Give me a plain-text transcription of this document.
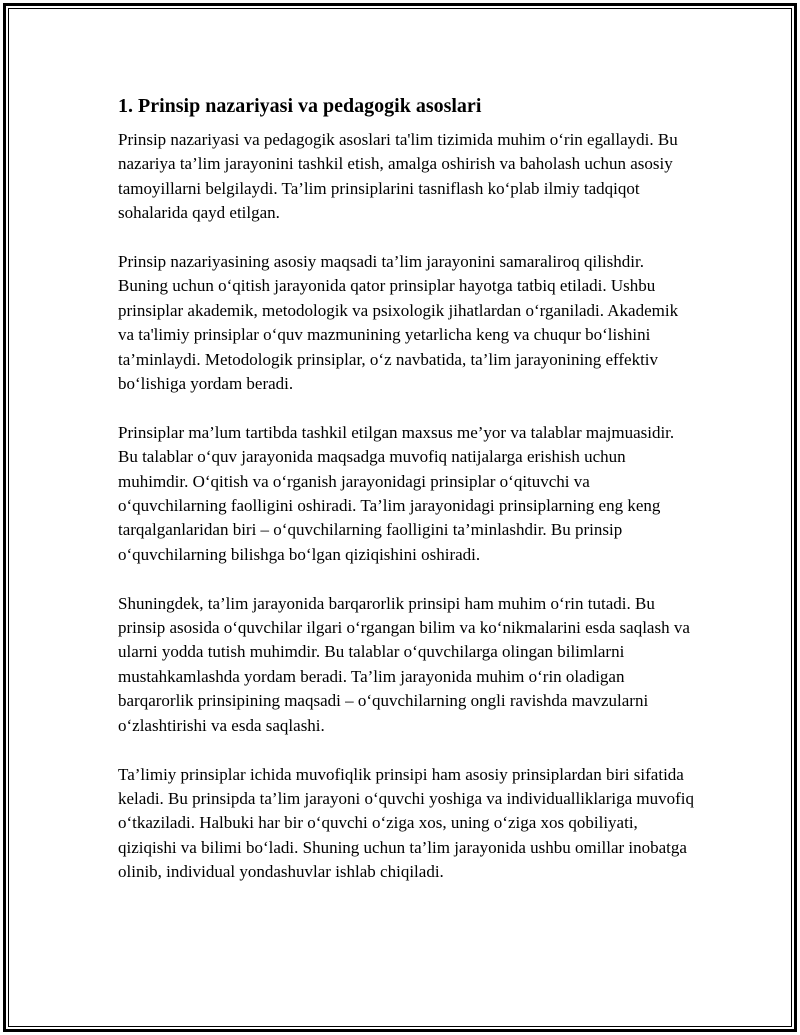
1. Prinsip nazariyasi va pedagogik asoslari

Prinsip nazariyasi va pedagogik asoslari ta'lim tizimida muhim o‘rin egallaydi. Bu nazariya ta’lim jarayonini tashkil etish, amalga oshirish va baholash uchun asosiy tamoyillarni belgilaydi. Ta’lim prinsiplarini tasniflash ko‘plab ilmiy tadqiqot sohalarida qayd etilgan.

Prinsip nazariyasining asosiy maqsadi ta’lim jarayonini samaraliroq qilishdir. Buning uchun o‘qitish jarayonida qator prinsiplar hayotga tatbiq etiladi. Ushbu prinsiplar akademik, metodologik va psixologik jihatlardan o‘rganiladi. Akademik va ta'limiy prinsiplar o‘quv mazmunining yetarlicha keng va chuqur bo‘lishini ta’minlaydi. Metodologik prinsiplar, o‘z navbatida, ta’lim jarayonining effektiv bo‘lishiga yordam beradi.

Prinsiplar ma’lum tartibda tashkil etilgan maxsus me’yor va talablar majmuasidir. Bu talablar o‘quv jarayonida maqsadga muvofiq natijalarga erishish uchun muhimdir. O‘qitish va o‘rganish jarayonidagi prinsiplar o‘qituvchi va o‘quvchilarning faolligini oshiradi. Ta’lim jarayonidagi prinsiplarning eng keng tarqalganlaridan biri – o‘quvchilarning faolligini ta’minlashdir. Bu prinsip o‘quvchilarning bilishga bo‘lgan qiziqishini oshiradi.

Shuningdek, ta’lim jarayonida barqarorlik prinsipi ham muhim o‘rin tutadi. Bu prinsip asosida o‘quvchilar ilgari o‘rgangan bilim va ko‘nikmalarini esda saqlash va ularni yodda tutish muhimdir. Bu talablar o‘quvchilarga olingan bilimlarni mustahkamlashda yordam beradi. Ta’lim jarayonida muhim o‘rin oladigan barqarorlik prinsipining maqsadi – o‘quvchilarning ongli ravishda mavzularni o‘zlashtirishi va esda saqlashi.

Ta’limiy prinsiplar ichida muvofiqlik prinsipi ham asosiy prinsiplardan biri sifatida keladi. Bu prinsipda ta’lim jarayoni o‘quvchi yoshiga va individualliklariga muvofiq o‘tkaziladi. Halbuki har bir o‘quvchi o‘ziga xos, uning o‘ziga xos qobiliyati, qiziqishi va bilimi bo‘ladi. Shuning uchun ta’lim jarayonida ushbu omillar inobatga olinib, individual yondashuvlar ishlab chiqiladi.
